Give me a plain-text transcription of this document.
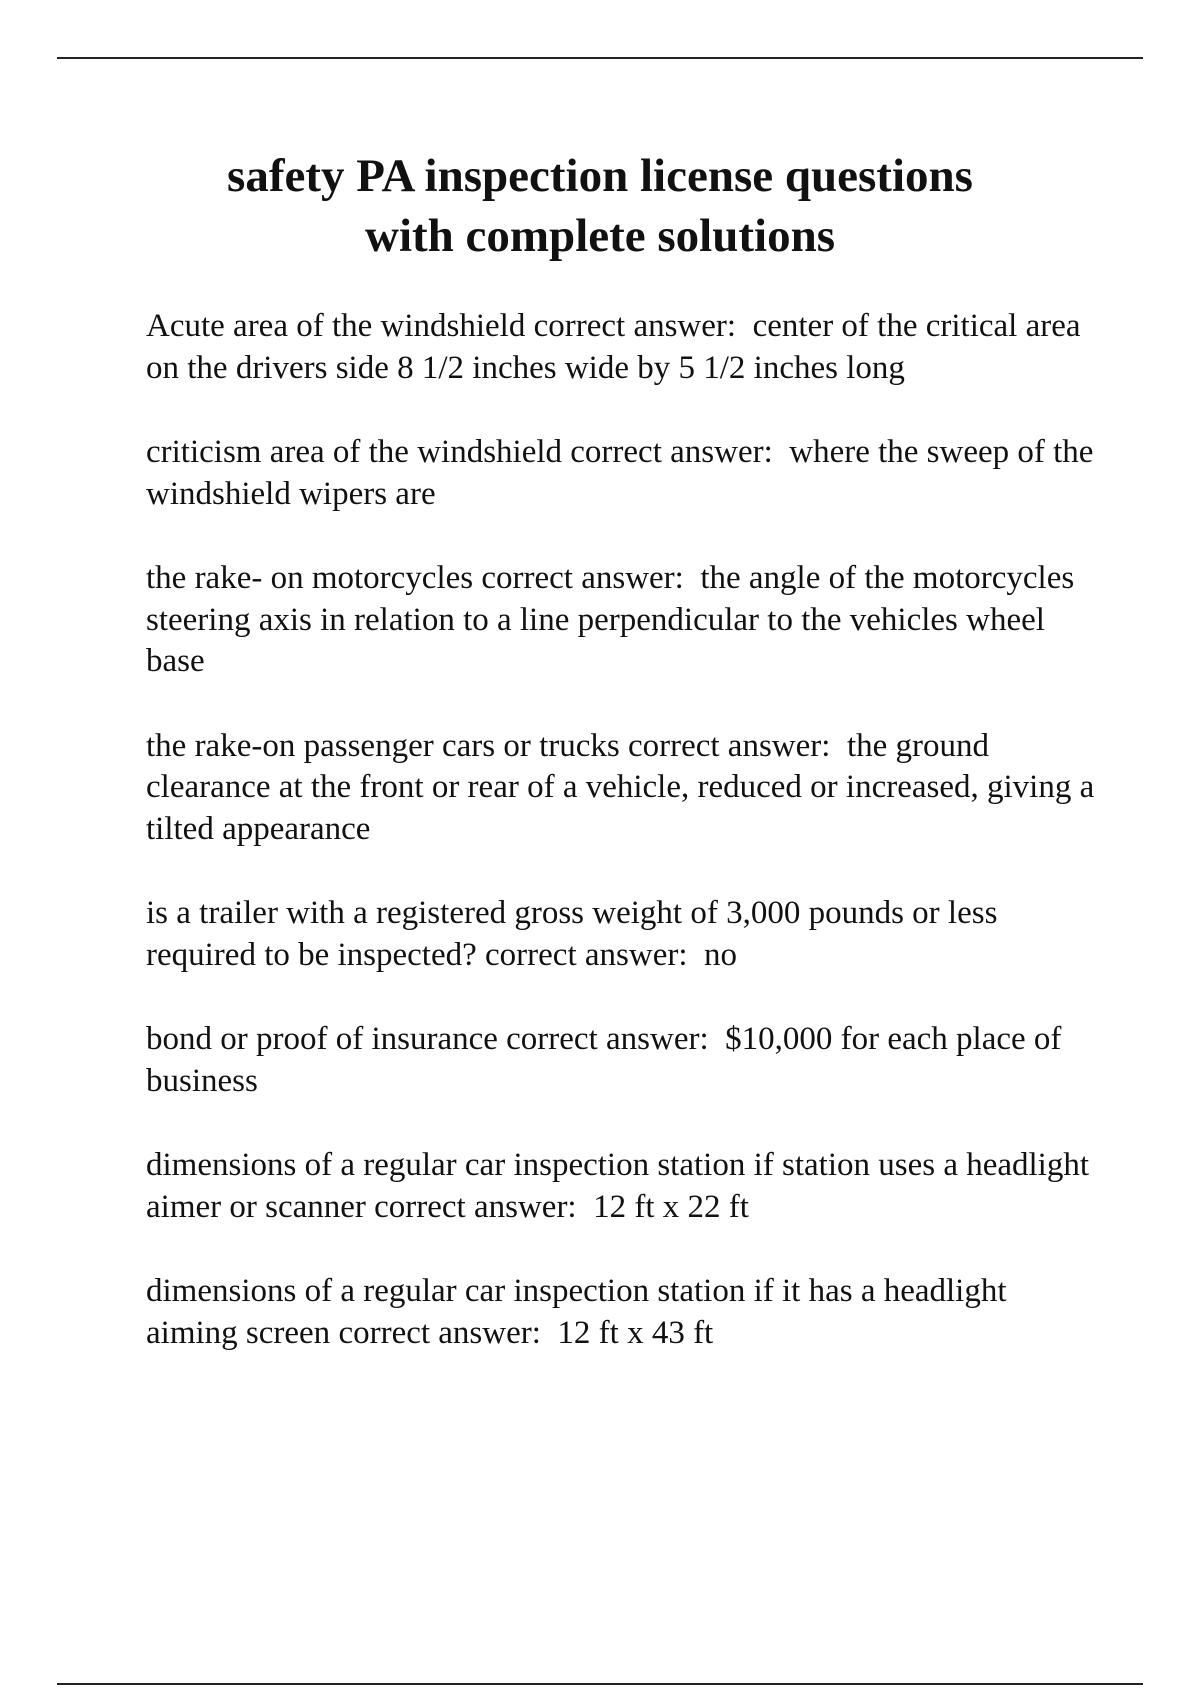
safety PA inspection license questions
with complete solutions
Acute area of the windshield correct answer: center of the critical area on the drivers side 8 1/2 inches wide by 5 1/2 inches long
criticism area of the windshield correct answer: where the sweep of the windshield wipers are
the rake- on motorcycles correct answer: the angle of the motorcycles steering axis in relation to a line perpendicular to the vehicles wheel base
the rake-on passenger cars or trucks correct answer: the ground clearance at the front or rear of a vehicle, reduced or increased, giving a tilted appearance
is a trailer with a registered gross weight of 3,000 pounds or less required to be inspected? correct answer: no
bond or proof of insurance correct answer: $10,000 for each place of business
dimensions of a regular car inspection station if station uses a headlight aimer or scanner correct answer: 12 ft x 22 ft
dimensions of a regular car inspection station if it has a headlight aiming screen correct answer: 12 ft x 43 ft
